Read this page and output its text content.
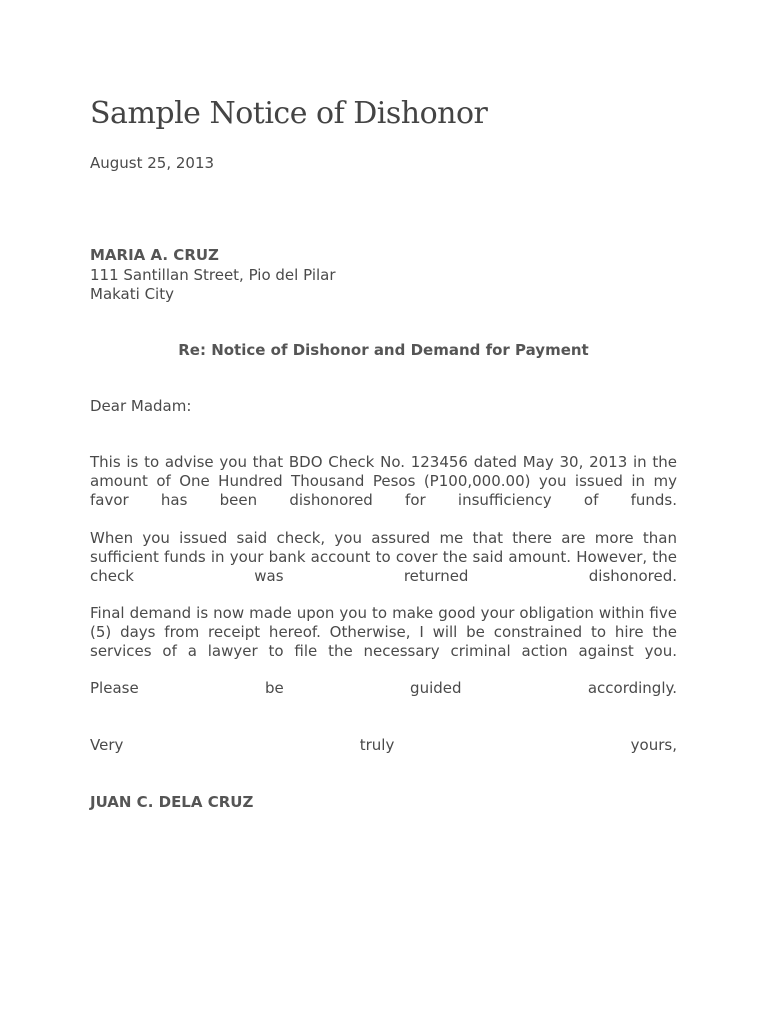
Sample Notice of Dishonor
August 25, 2013
MARIA A. CRUZ
111 Santillan Street, Pio del Pilar
Makati City
Re: Notice of Dishonor and Demand for Payment
Dear Madam:

This is to advise you that BDO Check No. 123456 dated May 30, 2013 in the amount of One Hundred Thousand Pesos (P100,000.00) you issued in my favor has been dishonored for insufficiency of funds.

When you issued said check, you assured me that there are more than sufficient funds in your bank account to cover the said amount. However, the check was returned dishonored.

Final demand is now made upon you to make good your obligation within five (5) days from receipt hereof. Otherwise, I will be constrained to hire the services of a lawyer to file the necessary criminal action against you.

Please be guided accordingly.

Very truly yours,

JUAN C. DELA CRUZ
